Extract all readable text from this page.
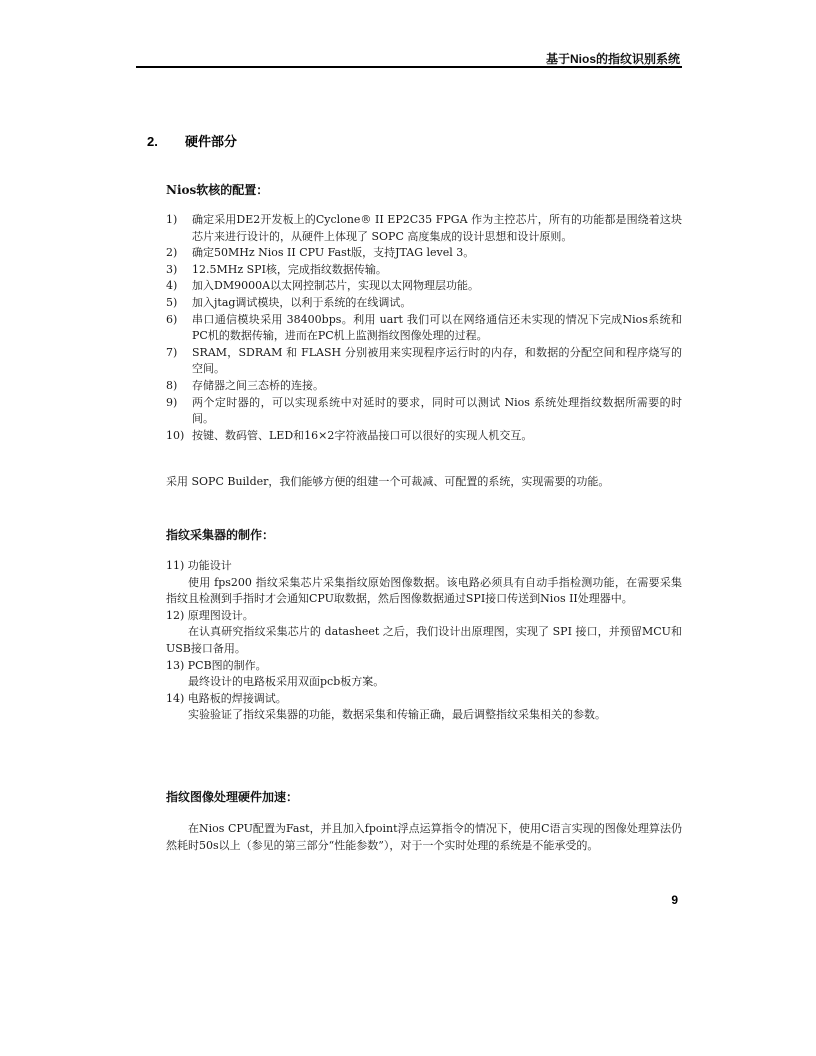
基于Nios的指纹识别系统
2. 硬件部分
Nios软核的配置：
1) 确定采用DE2开发板上的Cyclone® II EP2C35 FPGA 作为主控芯片，所有的功能都是围绕着这块芯片来进行设计的，从硬件上体现了 SOPC 高度集成的设计思想和设计原则。
2) 确定50MHz Nios II CPU Fast版，支持JTAG level 3。
3) 12.5MHz SPI核，完成指纹数据传输。
4) 加入DM9000A以太网控制芯片，实现以太网物理层功能。
5) 加入jtag调试模块，以利于系统的在线调试。
6) 串口通信模块采用 38400bps。利用 uart 我们可以在网络通信还未实现的情况下完成Nios系统和PC机的数据传输，进而在PC机上监测指纹图像处理的过程。
7) SRAM，SDRAM 和 FLASH 分别被用来实现程序运行时的内存，和数据的分配空间和程序烧写的空间。
8) 存储器之间三态桥的连接。
9) 两个定时器的，可以实现系统中对延时的要求，同时可以测试 Nios 系统处理指纹数据所需要的时间。
10) 按键、数码管、LED和16×2字符液晶接口可以很好的实现人机交互。

采用 SOPC Builder，我们能够方便的组建一个可裁减、可配置的系统，实现需要的功能。

指纹采集器的制作：

11) 功能设计

使用 fps200 指纹采集芯片采集指纹原始图像数据。该电路必须具有自动手指检测功能，在需要采集指纹且检测到手指时才会通知CPU取数据，然后图像数据通过SPI接口传送到Nios II处理器中。

12) 原理图设计。

在认真研究指纹采集芯片的 datasheet 之后，我们设计出原理图，实现了 SPI 接口，并预留MCU和USB接口备用。

13) PCB图的制作。

最终设计的电路板采用双面pcb板方案。

14) 电路板的焊接调试。

实验验证了指纹采集器的功能，数据采集和传输正确，最后调整指纹采集相关的参数。

指纹图像处理硬件加速：

在Nios CPU配置为Fast，并且加入fpoint浮点运算指令的情况下，使用C语言实现的图像处理算法仍然耗时50s以上（参见的第三部分“性能参数”），对于一个实时处理的系统是不能承受的。

9
